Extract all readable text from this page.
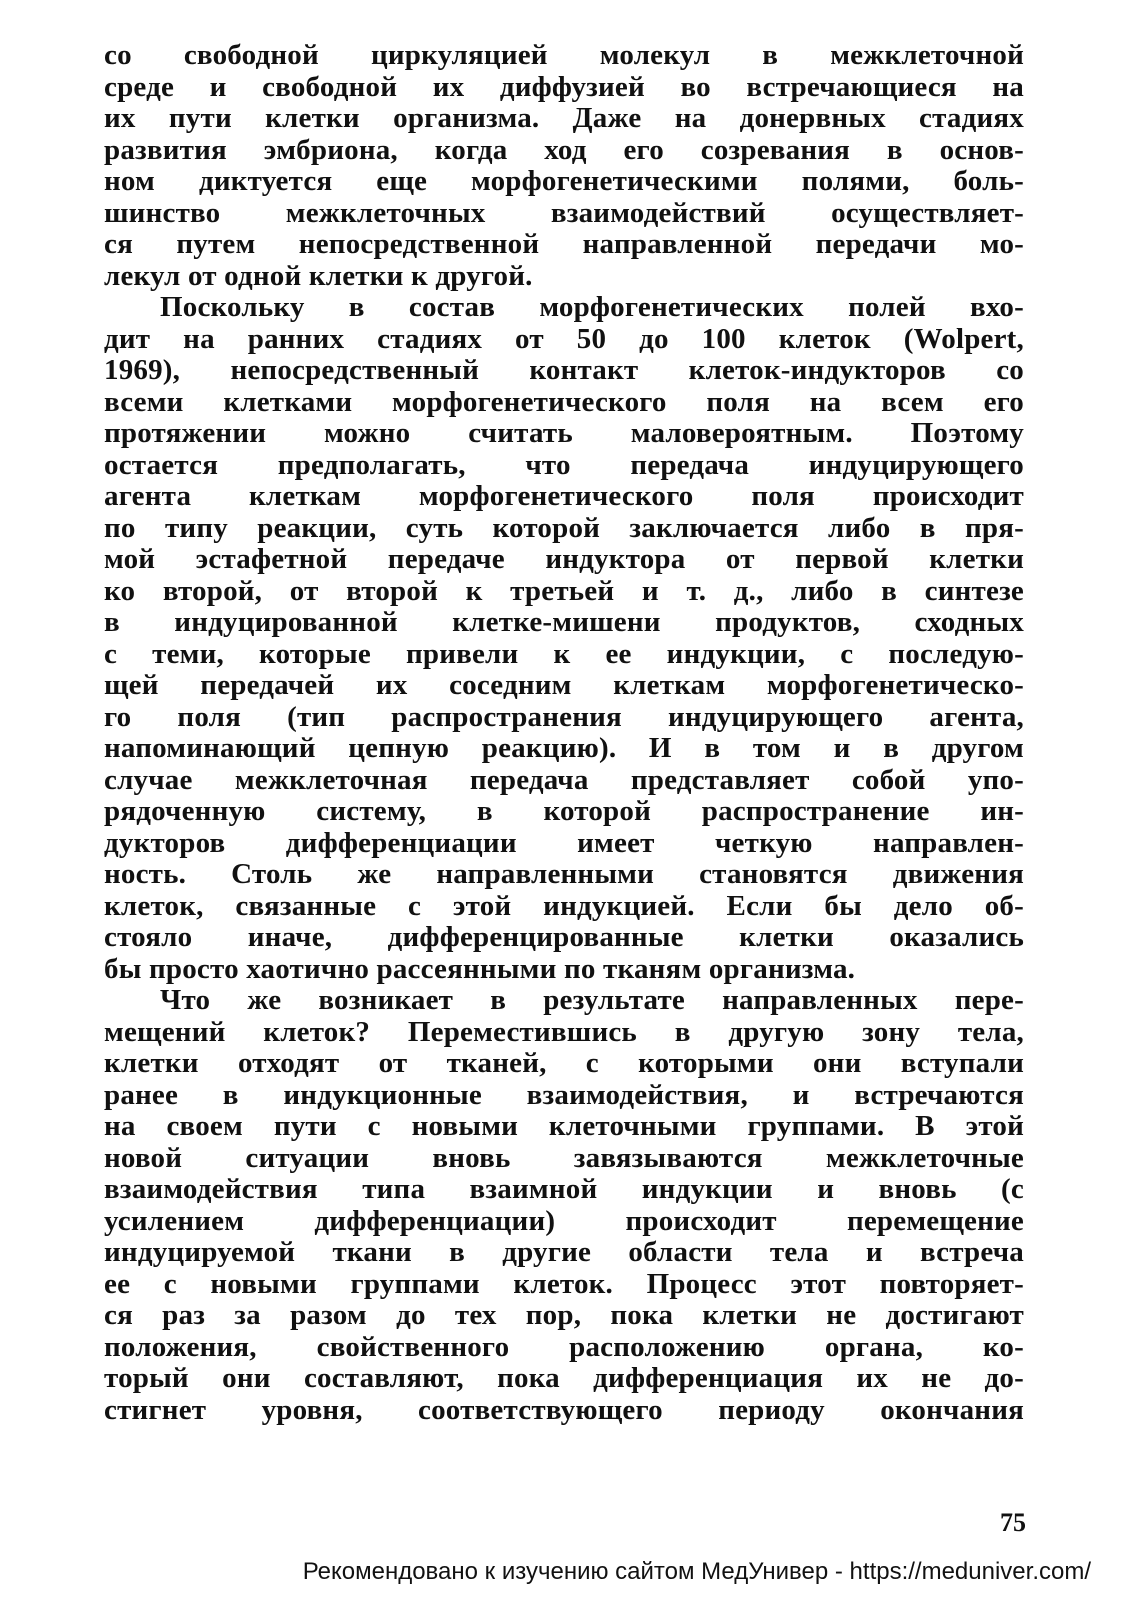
со свободной циркуляцией молекул в межклеточной
среде и свободной их диффузией во встречающиеся на
их пути клетки организма. Даже на донервных стадиях
развития эмбриона, когда ход его созревания в основ-
ном диктуется еще морфогенетическими полями, боль-
шинство межклеточных взаимодействий осуществляет-
ся путем непосредственной направленной передачи мо-
лекул от одной клетки к другой.
Поскольку в состав морфогенетических полей вхо-
дит на ранних стадиях от 50 до 100 клеток (Wolpert,
1969), непосредственный контакт клеток-индукторов со
всеми клетками морфогенетического поля на всем его
протяжении можно считать маловероятным. Поэтому
остается предполагать, что передача индуцирующего
агента клеткам морфогенетического поля происходит
по типу реакции, суть которой заключается либо в пря-
мой эстафетной передаче индуктора от первой клетки
ко второй, от второй к третьей и т. д., либо в синтезе
в индуцированной клетке-мишени продуктов, сходных
с теми, которые привели к ее индукции, с последую-
щей передачей их соседним клеткам морфогенетическо-
го поля (тип распространения индуцирующего агента,
напоминающий цепную реакцию). И в том и в другом
случае межклеточная передача представляет собой упо-
рядоченную систему, в которой распространение ин-
дукторов дифференциации имеет четкую направлен-
ность. Столь же направленными становятся движения
клеток, связанные с этой индукцией. Если бы дело об-
стояло иначе, дифференцированные клетки оказались
бы просто хаотично рассеянными по тканям организма.
Что же возникает в результате направленных пере-
мещений клеток? Переместившись в другую зону тела,
клетки отходят от тканей, с которыми они вступали
ранее в индукционные взаимодействия, и встречаются
на своем пути с новыми клеточными группами. В этой
новой ситуации вновь завязываются межклеточные
взаимодействия типа взаимной индукции и вновь (с
усилением дифференциации) происходит перемещение
индуцируемой ткани в другие области тела и встреча
ее с новыми группами клеток. Процесс этот повторяет-
ся раз за разом до тех пор, пока клетки не достигают
положения, свойственного расположению органа, ко-
торый они составляют, пока дифференциация их не до-
стигнет уровня, соответствующего периоду окончания
75
Рекомендовано к изучению сайтом МедУнивер - https://meduniver.com/
